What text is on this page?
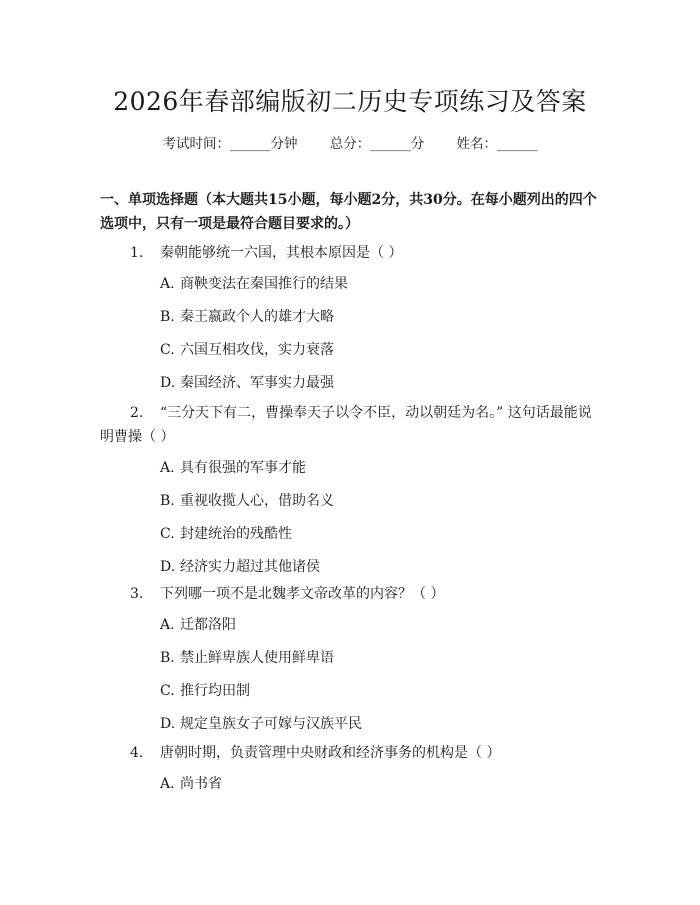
2026年春部编版初二历史专项练习及答案
考试时间：______分钟 总分：______分 姓名：______
一、单项选择题（本大题共15小题，每小题2分，共30分。在每小题列出的四个选项中，只有一项是最符合题目要求的。）
1. 秦朝能够统一六国，其根本原因是（ ）
A. 商鞅变法在秦国推行的结果
B. 秦王嬴政个人的雄才大略
C. 六国互相攻伐，实力衰落
D. 秦国经济、军事实力最强
2. “三分天下有二，曹操奉天子以令不臣，动以朝廷为名。” 这句话最能说明曹操（ ）
A. 具有很强的军事才能
B. 重视收揽人心，借助名义
C. 封建统治的残酷性
D. 经济实力超过其他诸侯
3. 下列哪一项不是北魏孝文帝改革的内容？（ ）
A. 迁都洛阳
B. 禁止鲜卑族人使用鲜卑语
C. 推行均田制
D. 规定皇族女子可嫁与汉族平民
4. 唐朝时期，负责管理中央财政和经济事务的机构是（ ）
A. 尚书省
